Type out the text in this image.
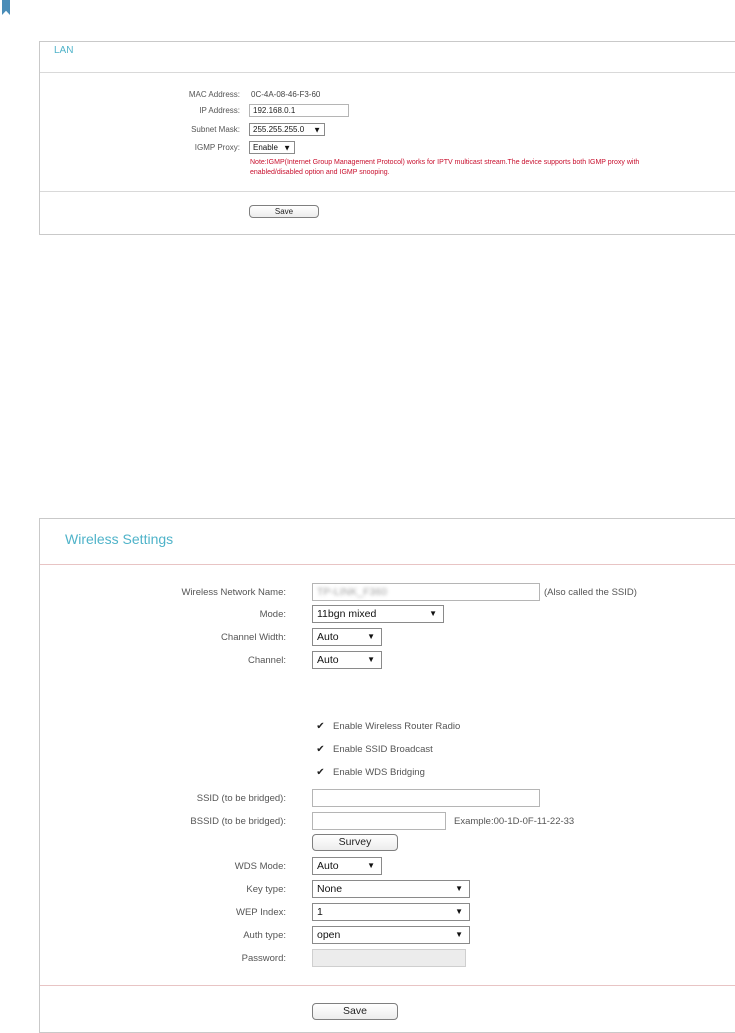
LAN
MAC Address: 0C-4A-08-46-F3-60
IP Address:	192.168.0.1
Subnet Mask:	255.255.255.0 ▼
IGMP Proxy:	Enable ▼
Note:IGMP(Internet Group Management Protocol) works for IPTV multicast stream.The device supports both IGMP proxy with
enabled/disabled option and IGMP snooping.
Save
Wireless Settings
Wireless Network Name:	TP-LINK_F360	(Also called the SSID)
Mode:	11bgn mixed	▼
Channel Width:	Auto	▼
Channel:	Auto	▼
✔ Enable Wireless Router Radio
✔ Enable SSID Broadcast
✔ Enable WDS Bridging
SSID (to be bridged):
BSSID (to be bridged):	Example:00-1D-0F-11-22-33
Survey
WDS Mode:	Auto	▼
Key type:	None	▼
WEP Index:	1	▼
Auth type:	open	▼
Password:
Save
